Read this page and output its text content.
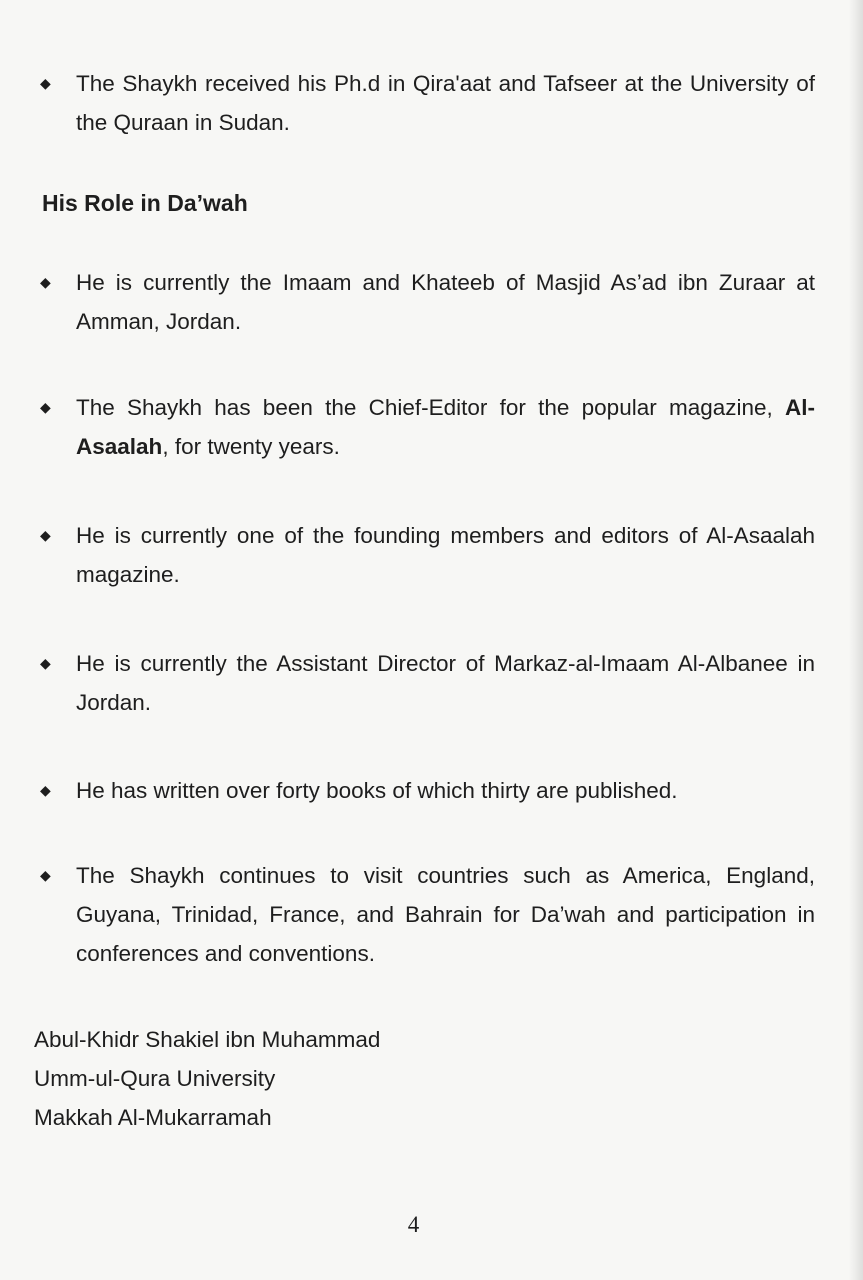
◆ The Shaykh received his Ph.d in Qira'aat and Tafseer at the University of the Quraan in Sudan.
His Role in Da’wah
◆ He is currently the Imaam and Khateeb of Masjid As’ad ibn Zuraar at Amman, Jordan.
◆ The Shaykh has been the Chief-Editor for the popular magazine, Al-Asaalah, for twenty years.
◆ He is currently one of the founding members and editors of Al-Asaalah magazine.
◆ He is currently the Assistant Director of Markaz-al-Imaam Al-Albanee in Jordan.
◆ He has written over forty books of which thirty are published.
◆ The Shaykh continues to visit countries such as America, England, Guyana, Trinidad, France, and Bahrain for Da’wah and participation in conferences and conventions.
Abul-Khidr Shakiel ibn Muhammad
Umm-ul-Qura University
Makkah Al-Mukarramah
4
